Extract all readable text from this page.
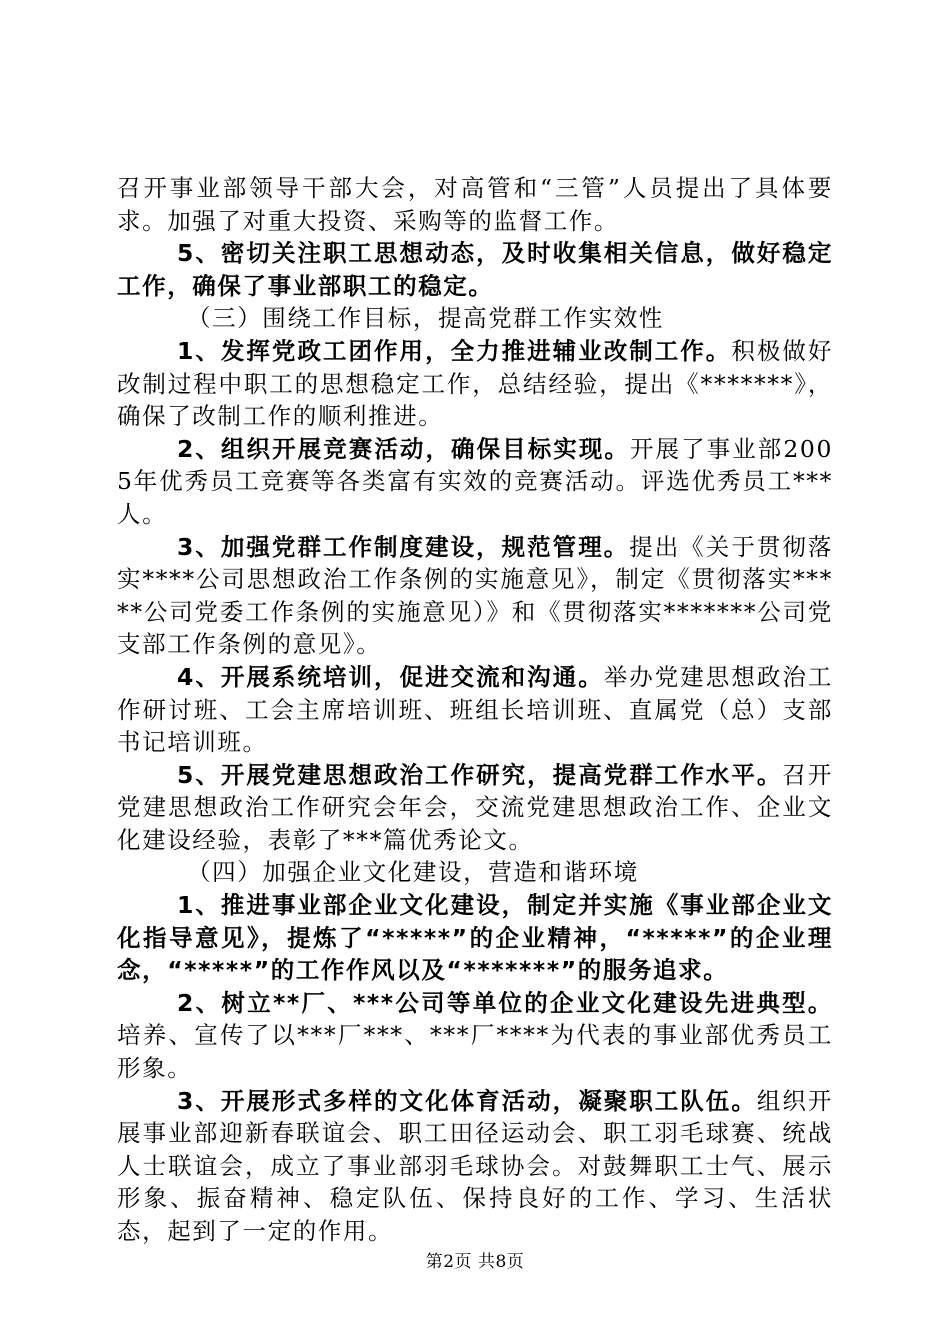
召开事业部领导干部大会，对高管和“三管”人员提出了具体要求。加强了对重大投资、采购等的监督工作。

5、密切关注职工思想动态，及时收集相关信息，做好稳定工作，确保了事业部职工的稳定。

（三）围绕工作目标，提高党群工作实效性

1、发挥党政工团作用，全力推进辅业改制工作。积极做好改制过程中职工的思想稳定工作，总结经验，提出《*******》，确保了改制工作的顺利推进。

2、组织开展竞赛活动，确保目标实现。开展了事业部2005年优秀员工竞赛等各类富有实效的竞赛活动。评选优秀员工***人。

3、加强党群工作制度建设，规范管理。提出《关于贯彻落实****公司思想政治工作条例的实施意见》，制定《贯彻落实*****公司党委工作条例的实施意见）》和《贯彻落实*******公司党支部工作条例的意见》。

4、开展系统培训，促进交流和沟通。举办党建思想政治工作研讨班、工会主席培训班、班组长培训班、直属党（总）支部书记培训班。

5、开展党建思想政治工作研究，提高党群工作水平。召开党建思想政治工作研究会年会，交流党建思想政治工作、企业文化建设经验，表彰了***篇优秀论文。

（四）加强企业文化建设，营造和谐环境

1、推进事业部企业文化建设，制定并实施《事业部企业文化指导意见》，提炼了“*****”的企业精神，“*****”的企业理念，“*****”的工作作风以及“*******”的服务追求。

2、树立**厂、***公司等单位的企业文化建设先进典型。培养、宣传了以***厂***、***厂****为代表的事业部优秀员工形象。

3、开展形式多样的文化体育活动，凝聚职工队伍。组织开展事业部迎新春联谊会、职工田径运动会、职工羽毛球赛、统战人士联谊会，成立了事业部羽毛球协会。对鼓舞职工士气、展示形象、振奋精神、稳定队伍、保持良好的工作、学习、生活状态，起到了一定的作用。

第2页 共8页
